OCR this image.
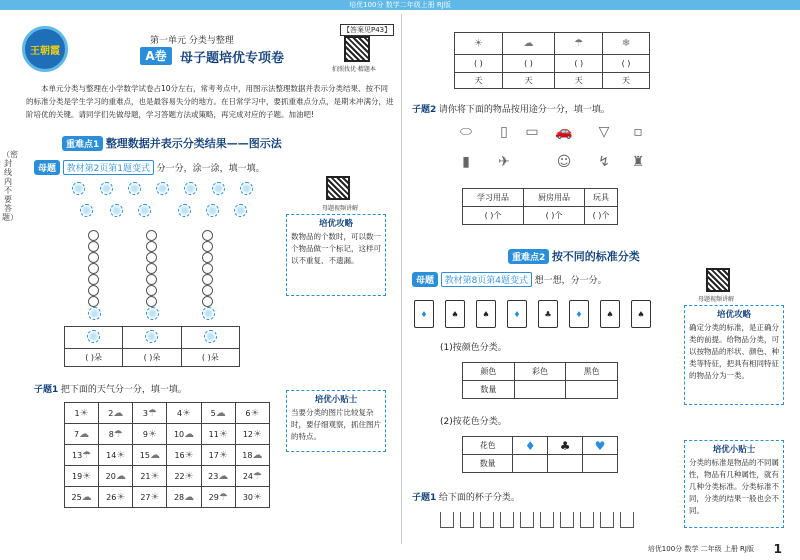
培优100分 数学二年级上册 RJ版
（密封线内不要答题）
王朝霞
第一单元 分类与整理
A卷	母子题培优专项卷
【答案见P43】
拍照找优·精题本
本单元分类与整理在小学数学试卷占10分左右，常考考点中，用图示法整理数据并表示分类结果、按不同的标准分类是学生学习的重难点，也是最容易失分的地方。在日常学习中，要抓重难点分点，是期末冲满分，进阶培优的关键。请同学们先做母题，学习答题方法或策略，再完成对应的子题。加油吧!
重难点1 整理数据并表示分类结果——图示法
母题 教材第2页第1题变式 分一分，涂一涂，填一填。

( )朵	( )朵	( )朵
母题视频讲解
培优攻略
数物品的个数时，可以数一个物品做一个标记，这样可以不重复、不遗漏。
培优小贴士
当要分类的图片比较复杂时，要仔细观察，抓住图片的特点。
子题1 把下面的天气分一分，填一填。
1☀	2☁	3☂	4☀	5☁	6☀
7☁	8☂	9☀	10☁	11☀	12☀
13☂	14☀	15☁	16☀	17☀	18☁
19☀	20☁	21☀	22☀	23☁	24☂
25☁	26☀	27☀	28☁	29☂	30☀
☀	☁	☂	❄
( )	( )	( )	( )
天	天	天	天
子题2 请你将下面的物品按用途分一分，填一填。
⬭	▯	▭	🚗	▽	▫
▮	✈	☺	↯	♜
学习用品	厨房用品	玩具
( )个	( )个	( )个
重难点2 按不同的标准分类
母题 教材第8页第4题变式 想一想，分一分。
母题视频讲解
♦	♠	♠	♦	♣	♦	♠	♠
(1)按颜色分类。
颜色	彩色	黑色
数量		
(2)按花色分类。
花色	♦	♣	♥
数量			
培优攻略
确定分类的标准，是正确分类的前提。给物品分类，可以按物品的形状、颜色、种类等特征，把具有相同特征的物品分为一类。
培优小贴士
分类的标准是物品的不同属性，物品有几种属性，就有几种分类标准。分类标准不同，分类的结果一般也会不同。
子题1 给下面的杯子分类。
培优100分 数学 二年级 上册 RJ版 1
